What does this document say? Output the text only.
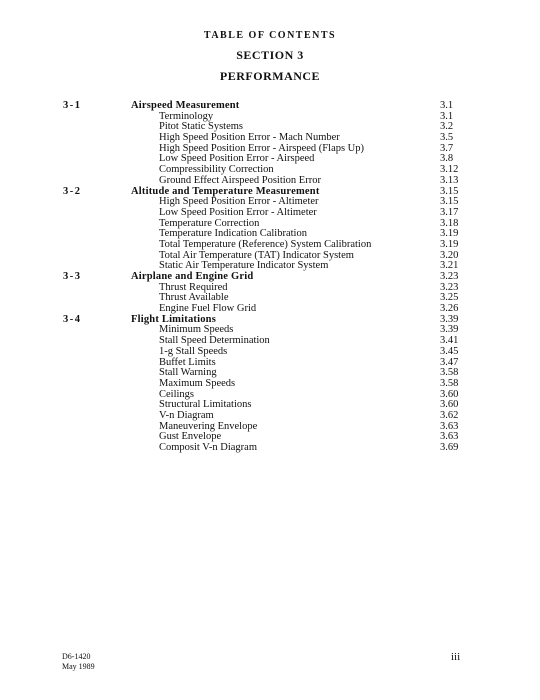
TABLE OF CONTENTS
SECTION 3
PERFORMANCE
3-1	Airspeed Measurement	3.1
Terminology	3.1
Pitot Static Systems	3.2
High Speed Position Error - Mach Number	3.5
High Speed Position Error - Airspeed (Flaps Up)	3.7
Low Speed Position Error - Airspeed	3.8
Compressibility Correction	3.12
Ground Effect Airspeed Position Error	3.13
3-2	Altitude and Temperature Measurement	3.15
High Speed Position Error - Altimeter	3.15
Low Speed Position Error - Altimeter	3.17
Temperature Correction	3.18
Temperature Indication Calibration	3.19
Total Temperature (Reference) System Calibration	3.19
Total Air Temperature (TAT) Indicator System	3.20
Static Air Temperature Indicator System	3.21
3-3	Airplane and Engine Grid	3.23
Thrust Required	3.23
Thrust Available	3.25
Engine Fuel Flow Grid	3.26
3-4	Flight Limitations	3.39
Minimum Speeds	3.39
Stall Speed Determination	3.41
1-g Stall Speeds	3.45
Buffet Limits	3.47
Stall Warning	3.58
Maximum Speeds	3.58
Ceilings	3.60
Structural Limitations	3.60
V-n Diagram	3.62
Maneuvering Envelope	3.63
Gust Envelope	3.63
Composit V-n Diagram	3.69
D6-1420
May 1989
iii
